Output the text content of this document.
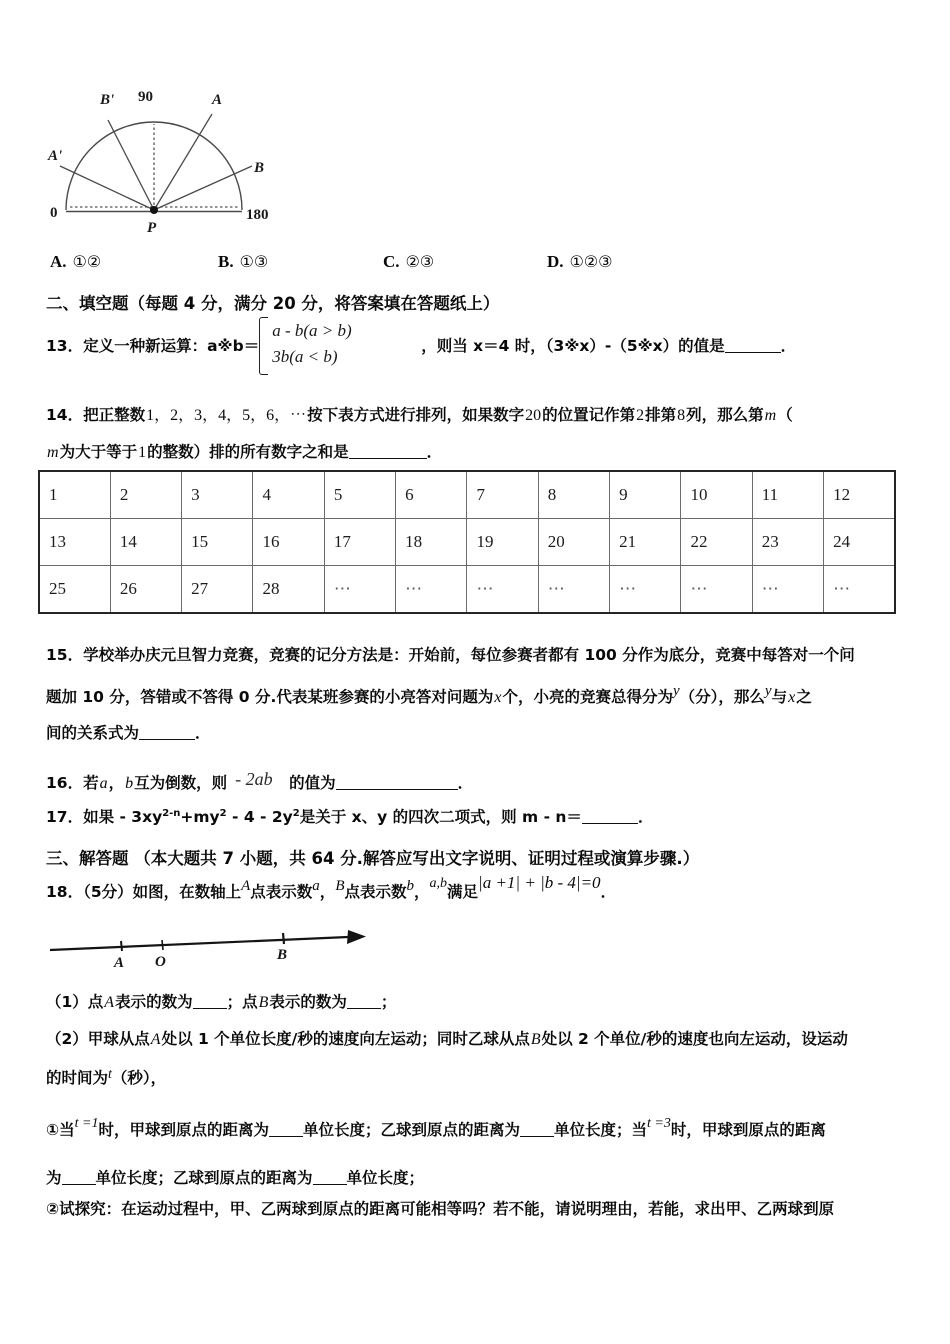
90
B'	A
A'
B
0	180
P
A. ①②	B. ①③	C. ②③	D. ①②③
二、填空题（每题 4 分，满分 20 分，将答案填在答题纸上）
13．定义一种新运算：a※b＝
a - b(a > b)
3b(a < b)
，则当 x＝4 时，（3※x）-（5※x）的值是	．
14．把正整数1，2，3，4，5，6，⋯按下表方式进行排列，如果数字20的位置记作第2排第8列，那么第m（
m为大于等于1的整数）排的所有数字之和是	．
1	2	3	4	5	6	7	8	9	10	11	12
13	14	15	16	17	18	19	20	21	22	23	24
25	26	27	28	⋯	⋯	⋯	⋯	⋯	⋯	⋯	⋯
15．学校举办庆元旦智力竞赛，竞赛的记分方法是：开始前，每位参赛者都有 100 分作为底分，竞赛中每答对一个问
题加 10 分，答错或不答得 0 分.代表某班参赛的小亮答对问题为x个，小亮的竞赛总得分为y（分），那么y与x之
间的关系式为	．
16．若a，b互为倒数，则 - 2ab 的值为	．
17．如果 - $3xy^{2-n}+my^2 - 4 - 2y^2$是关于 x、y 的四次二项式，则 m - n＝	．
三、解答题 （本大题共 7 小题，共 64 分.解答应写出文字说明、证明过程或演算步骤.）
18．（5分）如图，在数轴上A点表示数a，B点表示数b，a,b满足|a +1| + |b - 4|=0．
A O	B
（1）点A表示的数为 ；点B表示的数为 ；
（2）甲球从点A处以 1 个单位长度/秒的速度向左运动；同时乙球从点B处以 2 个单位/秒的速度也向左运动，设运动
的时间为t（秒），
①当t =1时，甲球到原点的距离为 单位长度；乙球到原点的距离为 单位长度；当t =3时，甲球到原点的距离
为 单位长度；乙球到原点的距离为 单位长度；
②试探究：在运动过程中，甲、乙两球到原点的距离可能相等吗？若不能，请说明理由，若能，求出甲、乙两球到原
